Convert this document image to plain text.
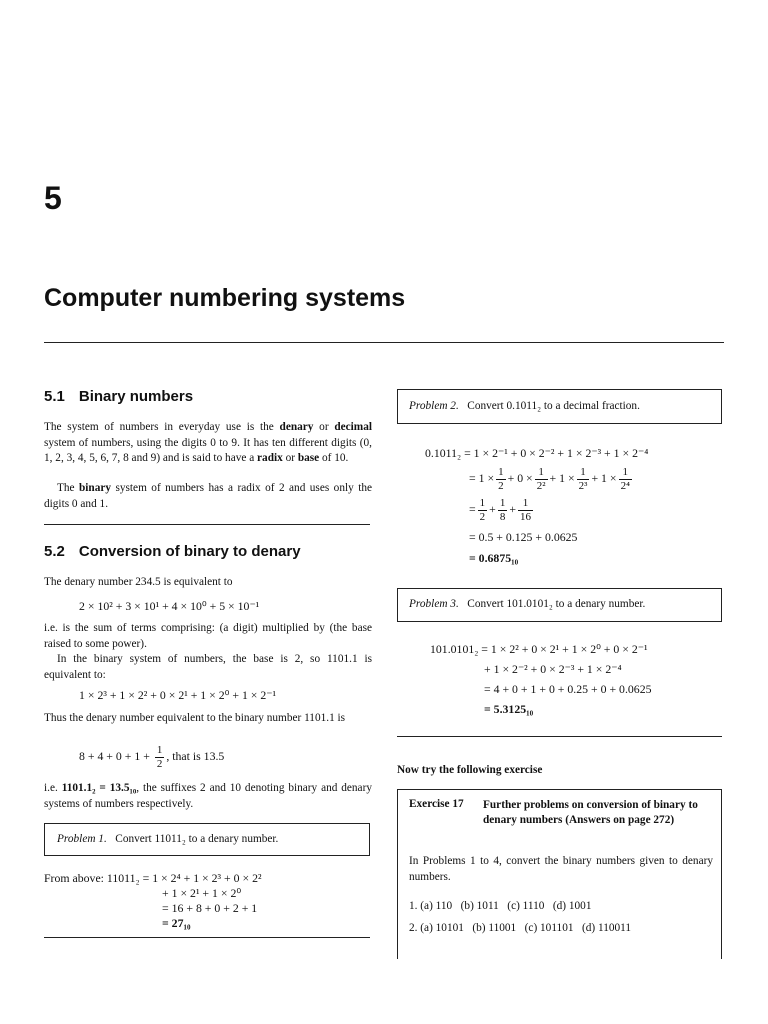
5
Computer numbering systems
5.1 Binary numbers
The system of numbers in everyday use is the denary or decimal system of numbers, using the digits 0 to 9. It has ten different digits (0, 1, 2, 3, 4, 5, 6, 7, 8 and 9) and is said to have a radix or base of 10.
The binary system of numbers has a radix of 2 and uses only the digits 0 and 1.
5.2 Conversion of binary to denary
The denary number 234.5 is equivalent to
2 × 10² + 3 × 10¹ + 4 × 10⁰ + 5 × 10⁻¹
i.e. is the sum of terms comprising: (a digit) multiplied by (the base raised to some power).
In the binary system of numbers, the base is 2, so 1101.1 is equivalent to:
1 × 2³ + 1 × 2² + 0 × 2¹ + 1 × 2⁰ + 1 × 2⁻¹
Thus the denary number equivalent to the binary number 1101.1 is
$8 + 4 + 0 + 1 + \frac{1}{2}$ , that is 13.5
i.e. 1101.1₂ = 13.5₁₀, the suffixes 2 and 10 denoting binary and denary systems of numbers respectively.
Problem 1. Convert 11011₂ to a denary number.
From above: 11011₂ = 1 × 2⁴ + 1 × 2³ + 0 × 2²
+ 1 × 2¹ + 1 × 2⁰
= 16 + 8 + 0 + 2 + 1
= 27₁₀
Problem 2. Convert 0.1011₂ to a decimal fraction.
0.1011₂ = 1 × 2⁻¹ + 0 × 2⁻² + 1 × 2⁻³ + 1 × 2⁻⁴
= $1 \times \frac{1}{2} + 0 \times \frac{1}{\text{2²}} + 1 \times \frac{1}{\text{2³}} + 1 \times \frac{1}{\text{2⁴}}$
= $\frac{1}{2} + \frac{1}{8} + \frac{1}{16}$
= 0.5 + 0.125 + 0.0625
= 0.6875₁₀
Problem 3. Convert 101.0101₂ to a denary number.
101.0101₂ = 1 × 2² + 0 × 2¹ + 1 × 2⁰ + 0 × 2⁻¹
+ 1 × 2⁻² + 0 × 2⁻³ + 1 × 2⁻⁴
= 4 + 0 + 1 + 0 + 0.25 + 0 + 0.0625
= 5.3125₁₀
Now try the following exercise
Exercise 17 Further problems on conversion of binary to denary numbers (Answers on page 272)
In Problems 1 to 4, convert the binary numbers given to denary numbers.
1. (a) 110   (b) 1011   (c) 1110   (d) 1001
2. (a) 10101   (b) 11001   (c) 101101   (d) 110011
